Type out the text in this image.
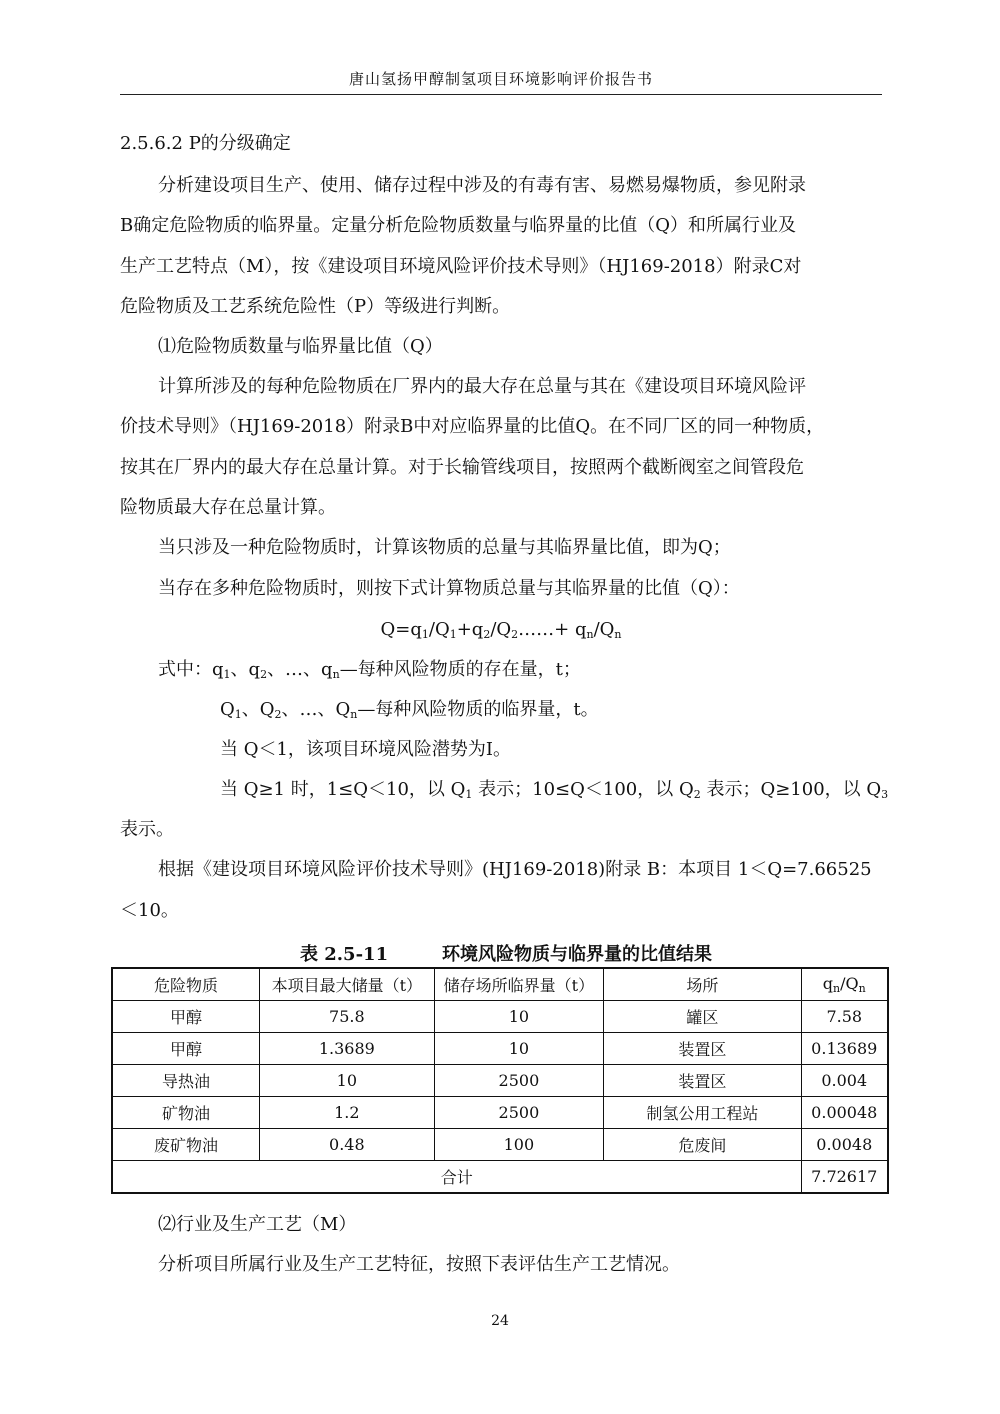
唐山氢扬甲醇制氢项目环境影响评价报告书
2.5.6.2 P的分级确定
分析建设项目生产、使用、储存过程中涉及的有毒有害、易燃易爆物质，参见附录
B确定危险物质的临界量。定量分析危险物质数量与临界量的比值（Q）和所属行业及
生产工艺特点（M），按《建设项目环境风险评价技术导则》（HJ169-2018）附录C对
危险物质及工艺系统危险性（P）等级进行判断。
⑴危险物质数量与临界量比值（Q）
计算所涉及的每种危险物质在厂界内的最大存在总量与其在《建设项目环境风险评
价技术导则》（HJ169-2018）附录B中对应临界量的比值Q。在不同厂区的同一种物质，
按其在厂界内的最大存在总量计算。对于长输管线项目，按照两个截断阀室之间管段危
险物质最大存在总量计算。
当只涉及一种危险物质时，计算该物质的总量与其临界量比值，即为Q；
当存在多种危险物质时，则按下式计算物质总量与其临界量的比值（Q）：
$Q=q_1/Q_1+q_2/Q_2\dots\dots+ q_n/Q_n$
式中：$q_1$、$q_2$、…、$q_n—$每种风险物质的存在量，t；
$Q_1$、$Q_2$、…、$Q_n—$每种风险物质的临界量，t。
当 Q＜1，该项目环境风险潜势为I。
当 Q≥1 时，1≤Q＜10，以 $Q_1$ 表示；10≤Q＜100，以 $Q_2$ 表示；Q≥100，以 $Q_3$
表示。
根据《建设项目环境风险评价技术导则》(HJ169-2018)附录 B：本项目 1＜Q=7.66525
＜10。
表 2.5-11	环境风险物质与临界量的比值结果
危险物质	本项目最大储量（t）	储存场所临界量（t）	场所	$q_n/Q_n$
甲醇	75.8	10	罐区	7.58
甲醇	1.3689	10	装置区	0.13689
导热油	10	2500	装置区	0.004
矿物油	1.2	2500	制氢公用工程站	0.00048
废矿物油	0.48	100	危废间	0.0048
合计				7.72617
⑵行业及生产工艺（M）
分析项目所属行业及生产工艺特征，按照下表评估生产工艺情况。
24
